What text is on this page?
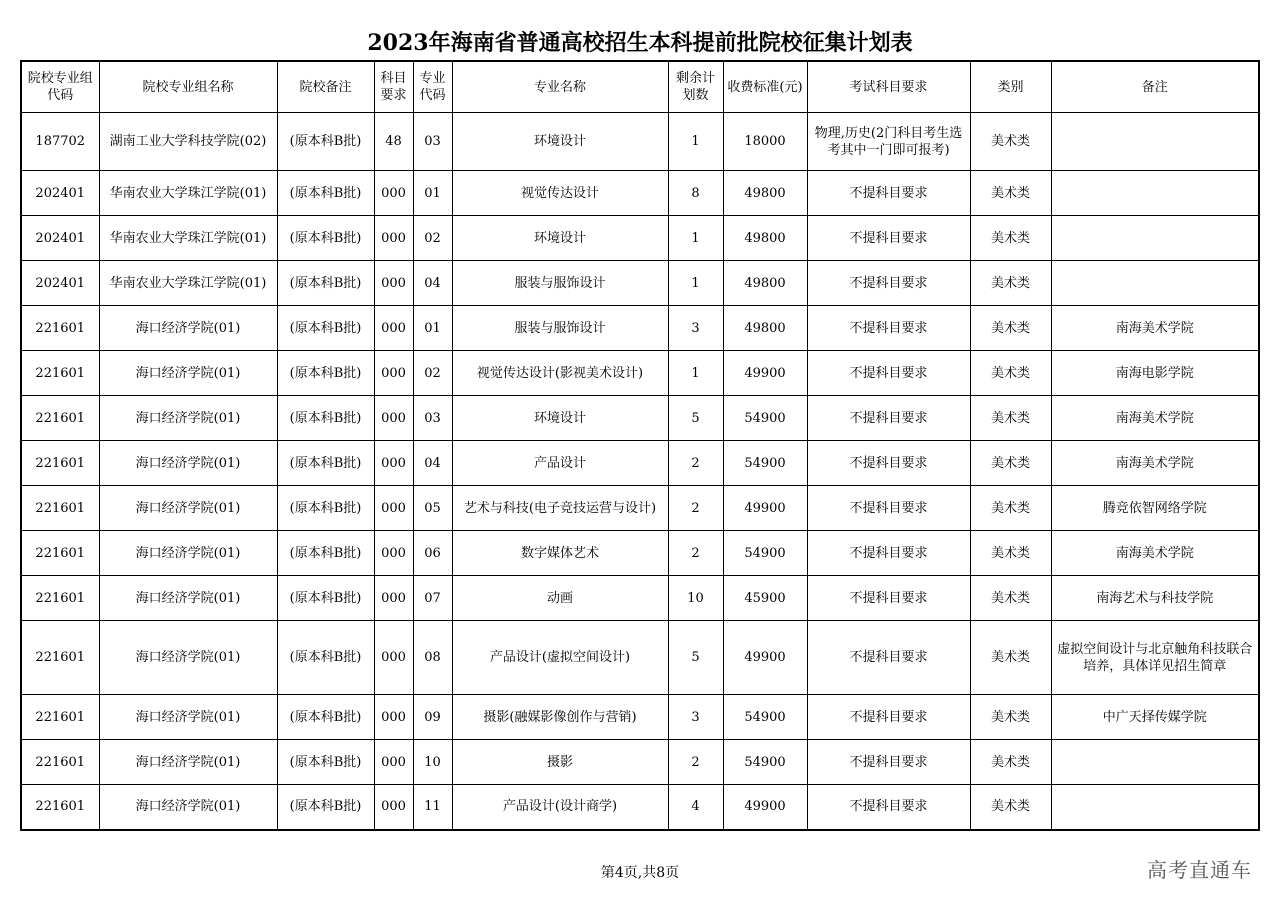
2023年海南省普通高校招生本科提前批院校征集计划表
院校专业组代码	院校专业组名称	院校备注	科目要求	专业代码	专业名称	剩余计划数	收费标准(元)	考试科目要求	类别	备注
187702	湖南工业大学科技学院(02)	(原本科B批)	48	03	环境设计	1	18000	物理,历史(2门科目考生选考其中一门即可报考)	美术类	
202401	华南农业大学珠江学院(01)	(原本科B批)	000	01	视觉传达设计	8	49800	不提科目要求	美术类	
202401	华南农业大学珠江学院(01)	(原本科B批)	000	02	环境设计	1	49800	不提科目要求	美术类	
202401	华南农业大学珠江学院(01)	(原本科B批)	000	04	服装与服饰设计	1	49800	不提科目要求	美术类	
221601	海口经济学院(01)	(原本科B批)	000	01	服装与服饰设计	3	49800	不提科目要求	美术类	南海美术学院
221601	海口经济学院(01)	(原本科B批)	000	02	视觉传达设计(影视美术设计)	1	49900	不提科目要求	美术类	南海电影学院
221601	海口经济学院(01)	(原本科B批)	000	03	环境设计	5	54900	不提科目要求	美术类	南海美术学院
221601	海口经济学院(01)	(原本科B批)	000	04	产品设计	2	54900	不提科目要求	美术类	南海美术学院
221601	海口经济学院(01)	(原本科B批)	000	05	艺术与科技(电子竞技运营与设计)	2	49900	不提科目要求	美术类	腾竞依智网络学院
221601	海口经济学院(01)	(原本科B批)	000	06	数字媒体艺术	2	54900	不提科目要求	美术类	南海美术学院
221601	海口经济学院(01)	(原本科B批)	000	07	动画	10	45900	不提科目要求	美术类	南海艺术与科技学院
221601	海口经济学院(01)	(原本科B批)	000	08	产品设计(虚拟空间设计)	5	49900	不提科目要求	美术类	虚拟空间设计与北京触角科技联合培养，具体详见招生简章
221601	海口经济学院(01)	(原本科B批)	000	09	摄影(融媒影像创作与营销)	3	54900	不提科目要求	美术类	中广天择传媒学院
221601	海口经济学院(01)	(原本科B批)	000	10	摄影	2	54900	不提科目要求	美术类	
221601	海口经济学院(01)	(原本科B批)	000	11	产品设计(设计商学)	4	49900	不提科目要求	美术类	
第4页,共8页	高考直通车
